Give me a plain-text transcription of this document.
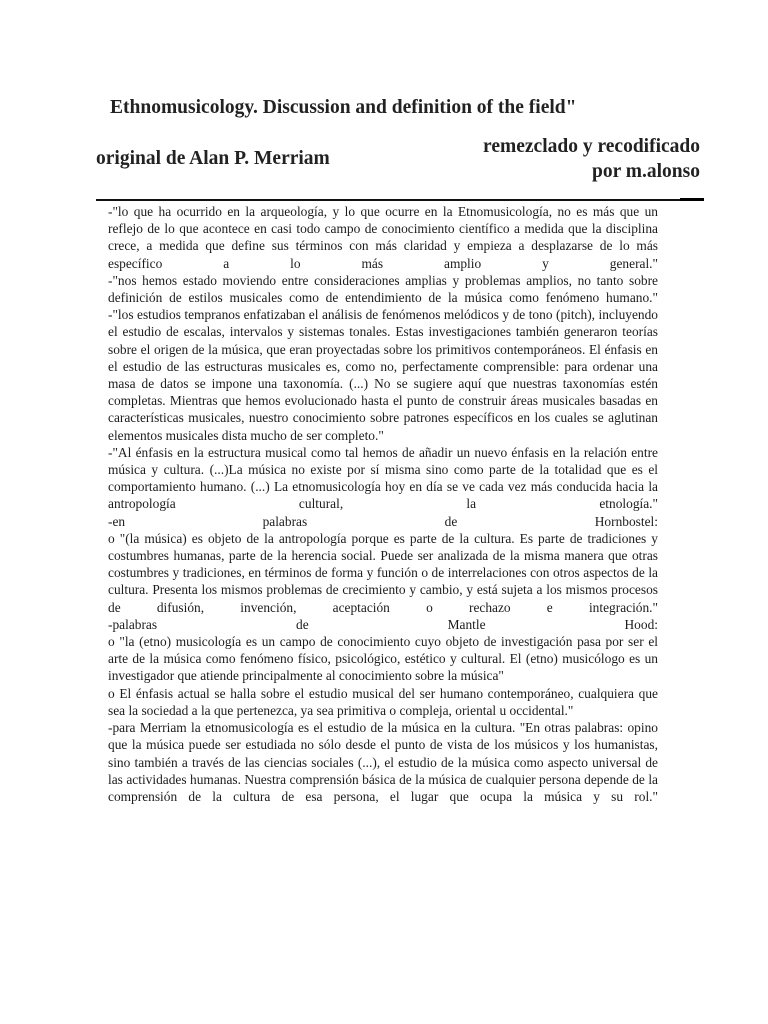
Ethnomusicology. Discussion and definition of the field"
original de Alan P. Merriam
remezclado y recodificado
por m.alonso

-"lo que ha ocurrido en la arqueología, y lo que ocurre en la Etnomusicología, no es más que un reflejo de lo que acontece en casi todo campo de conocimiento científico a medida que la disciplina crece, a medida que define sus términos con más claridad y empieza a desplazarse de lo más específico a lo más amplio y general."

-"nos hemos estado moviendo entre consideraciones amplias y problemas amplios, no tanto sobre definición de estilos musicales como de entendimiento de la música como fenómeno humano."

-"los estudios tempranos enfatizaban el análisis de fenómenos melódicos y de tono (pitch), incluyendo el estudio de escalas, intervalos y sistemas tonales. Estas investigaciones también generaron teorías sobre el origen de la música, que eran proyectadas sobre los primitivos contemporáneos. El énfasis en el estudio de las estructuras musicales es, como no, perfectamente comprensible: para ordenar una masa de datos se impone una taxonomía. (...) No se sugiere aquí que nuestras taxonomías estén completas. Mientras que hemos evolucionado hasta el punto de construir áreas musicales basadas en características musicales, nuestro conocimiento sobre patrones específicos en los cuales se aglutinan elementos musicales dista mucho de ser completo."

-"Al énfasis en la estructura musical como tal hemos de añadir un nuevo énfasis en la relación entre música y cultura. (...)La música no existe por sí misma sino como parte de la totalidad que es el comportamiento humano. (...) La etnomusicología hoy en día se ve cada vez más conducida hacia la antropología cultural, la etnología."

-en palabras de Hornbostel:

o "(la música) es objeto de la antropología porque es parte de la cultura. Es parte de tradiciones y costumbres humanas, parte de la herencia social. Puede ser analizada de la misma manera que otras costumbres y tradiciones, en términos de forma y función o de interrelaciones con otros aspectos de la cultura. Presenta los mismos problemas de crecimiento y cambio, y está sujeta a los mismos procesos de difusión, invención, aceptación o rechazo e integración."

-palabras de Mantle Hood:

o "la (etno) musicología es un campo de conocimiento cuyo objeto de investigación pasa por ser el arte de la música como fenómeno físico, psicológico, estético y cultural. El (etno) musicólogo es un investigador que atiende principalmente al conocimiento sobre la música"

o El énfasis actual se halla sobre el estudio musical del ser humano contemporáneo, cualquiera que sea la sociedad a la que pertenezca, ya sea primitiva o compleja, oriental u occidental."

-para Merriam la etnomusicología es el estudio de la música en la cultura. "En otras palabras: opino que la música puede ser estudiada no sólo desde el punto de vista de los músicos y los humanistas, sino también a través de las ciencias sociales (...), el estudio de la música como aspecto universal de las actividades humanas. Nuestra comprensión básica de la música de cualquier persona depende de la comprensión de la cultura de esa persona, el lugar que ocupa la música y su rol."
